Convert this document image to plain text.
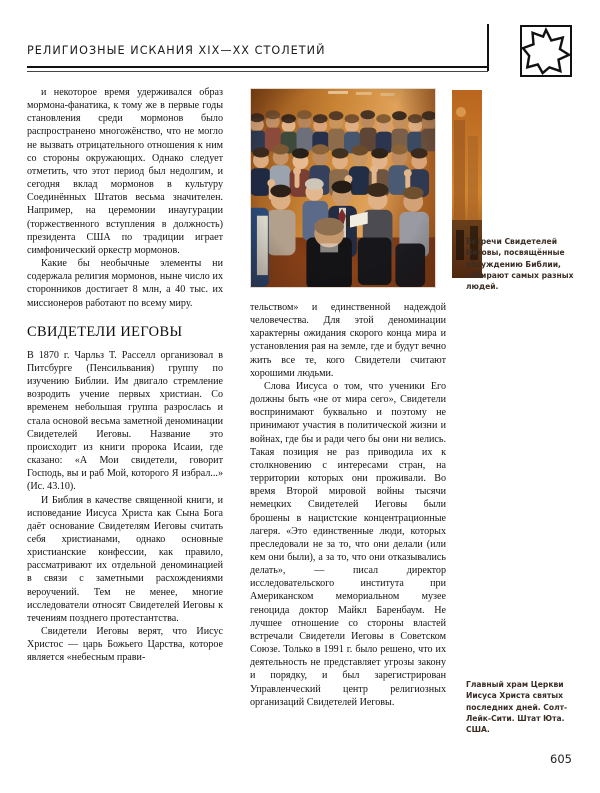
РЕЛИГИОЗНЫЕ ИСКАНИЯ XIX—XX СТОЛЕТИЙ

и некоторое время удерживался образ мормона-фанатика, к тому же в первые годы становления среди мормонов было распространено многожёнство, что не могло не вызвать отрицательного отношения к ним со стороны окружающих. Однако следует отметить, что этот период был недолгим, и сегодня вклад мормонов в культуру Соединённых Штатов весьма значителен. Например, на церемонии инаугурации (торжественного вступления в должность) президента США по традиции играет симфонический оркестр мормонов.

Какие бы необычные элементы ни содержала религия мормонов, ныне число их сторонников достигает 8 млн, а 40 тыс. их миссионеров работают по всему миру.

СВИДЕТЕЛИ ИЕГОВЫ

В 1870 г. Чарльз Т. Расселл организовал в Питсбурге (Пенсильвания) группу по изучению Библии. Им двигало стремление возродить учение первых христиан. Со временем небольшая группа разрослась и стала основой весьма заметной деноминации Свидетелей Иеговы. Название это происходит из книги пророка Исаии, где сказано: «А Мои свидетели, говорит Господь, вы и раб Мой, которого Я избрал...» (Ис. 43.10).

И Библия в качестве священной книги, и исповедание Иисуса Христа как Сына Бога даёт основание Свидетелям Иеговы считать себя христианами, однако основные христианские конфессии, как правило, рассматривают их отдельной деноминацией в связи с заметными расхождениями вероучений. Тем не менее, многие исследователи относят Свидетелей Иеговы к течениям позднего протестантства.

Свидетели Иеговы верят, что Иисус Христос — царь Божьего Царства, которое является «небесным прави-

тельством» и единственной надеждой человечества. Для этой деноминации характерны ожидания скорого конца мира и установления рая на земле, где и будут вечно жить все те, кого Свидетели считают хорошими людьми.

Слова Иисуса о том, что ученики Его должны быть «не от мира сего», Свидетели воспринимают буквально и поэтому не принимают участия в политической жизни и войнах, где бы и ради чего бы они ни велись. Такая позиция не раз приводила их к столкновению с интересами стран, на территории которых они проживали. Во время Второй мировой войны тысячи немецких Свидетелей Иеговы были брошены в нацистские концентрационные лагеря. «Это единственные люди, которых преследовали не за то, что они делали (или кем они были), а за то, что они отказывались делать», — писал директор исследовательского института при Американском мемориальном музее геноцида доктор Майкл Баренбаум. Не лучшее отношение со стороны властей встречали Свидетели Иеговы в Советском Союзе. Только в 1991 г. было решено, что их деятельность не представляет угрозы закону и порядку, и был зарегистрирован Управленческий центр религиозных организаций Свидетелей Иеговы.

Встречи Свидетелей Иеговы, посвящённые обсуждению Библии, собирают самых разных людей.
Главный храм Церкви Иисуса Христа святых последних дней. Солт-Лейк-Сити. Штат Юта. США.
605
